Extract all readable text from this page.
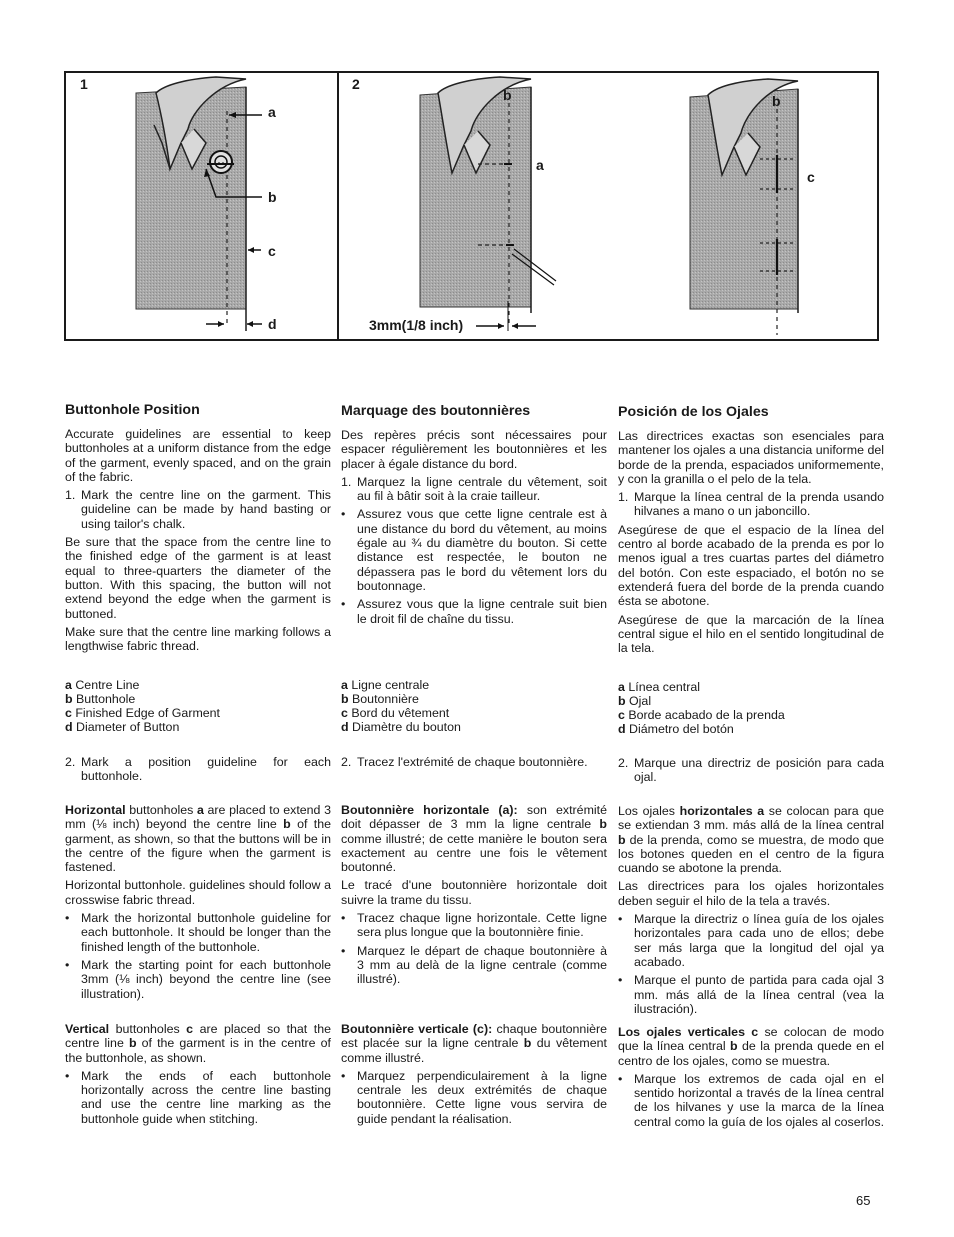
1	2
a
b
c
d
b
a
3mm(1/8 inch)
b
c
Buttonhole Position

Accurate guidelines are essential to keep buttonholes at a uniform distance from the edge of the garment, evenly spaced, and on the grain of the fabric.

1. Mark the centre line on the garment. This guideline can be made by hand basting or using tailor's chalk.

Be sure that the space from the centre line to the finished edge of the garment is at least equal to three-quarters the diameter of the button. With this spacing, the button will not extend beyond the edge when the garment is buttoned.

Make sure that the centre line marking follows a lengthwise fabric thread.

a Centre Line
b Buttonhole
c Finished Edge of Garment
d Diameter of Button
2. Mark a position guideline for each buttonhole.

Horizontal buttonholes a are placed to extend 3 mm (⅛ inch) beyond the centre line b of the garment, as shown, so that the buttons will be in the centre of the figure when the garment is fastened.

Horizontal buttonhole. guidelines should follow a crosswise fabric thread.

• Mark the horizontal buttonhole guideline for each buttonhole. It should be longer than the finished length of the buttonhole.
• Mark the starting point for each buttonhole 3mm (⅛ inch) beyond the centre line (see illustration).

Vertical buttonholes c are placed so that the centre line b of the garment is in the centre of the buttonhole, as shown.

• Mark the ends of each buttonhole horizontally across the centre line basting and use the centre line marking as the buttonhole guide when stitching.
Marquage des boutonnières

Des repères précis sont nécessaires pour espacer régulièrement les boutonnières et les placer à égale distance du bord.

1. Marquez la ligne centrale du vêtement, soit au fil à bâtir soit à la craie tailleur.
• Assurez vous que cette ligne centrale est à une distance du bord du vêtement, au moins égale au ¾ du diamètre du bouton. Si cette distance est respectée, le bouton ne dépassera pas le bord du vêtement lors du boutonnage.
• Assurez vous que la ligne centrale suit bien le droit fil de chaîne du tissu.
a Ligne centrale
b Boutonnière
c Bord du vêtement
d Diamètre du bouton
2. Tracez l'extrémité de chaque boutonnière.

Boutonnière horizontale (a): son extrémité doit dépasser de 3 mm la ligne centrale b comme illustré; de cette manière le bouton sera exactement au centre une fois le vêtement boutonné.

Le tracé d'une boutonnière horizontale doit suivre la trame du tissu.

• Tracez chaque ligne horizontale. Cette ligne sera plus longue que la boutonnière finie.
• Marquez le départ de chaque boutonnière à 3 mm au delà de la ligne centrale (comme illustré).

Boutonnière verticale (c): chaque boutonnière est placée sur la ligne centrale b du vêtement comme illustré.

• Marquez perpendiculairement à la ligne centrale les deux extrémités de chaque boutonnière. Cette ligne vous servira de guide pendant la réalisation.
Posición de los Ojales

Las directrices exactas son esenciales para mantener los ojales a una distancia uniforme del borde de la prenda, espaciados uniformemente, y con la granilla o el pelo de la tela.

1. Marque la línea central de la prenda usando hilvanes a mano o un jaboncillo.

Asegúrese de que el espacio de la línea del centro al borde acabado de la prenda es por lo menos igual a tres cuartas partes del diámetro del botón. Con este espaciado, el botón no se extenderá fuera del borde de la prenda cuando ésta se abotone.

Asegúrese de que la marcación de la línea central sigue el hilo en el sentido longitudinal de la tela.

a Línea central
b Ojal
c Borde acabado de la prenda
d Diámetro del botón
2. Marque una directriz de posición para cada ojal.

Los ojales horizontales a se colocan para que se extiendan 3 mm. más allá de la línea central b de la prenda, como se muestra, de modo que los botones queden en el centro de la figura cuando se abotone la prenda.

Las directrices para los ojales horizontales deben seguir el hilo de la tela a través.

• Marque la directriz o línea guía de los ojales horizontales para cada uno de ellos; debe ser más larga que la longitud del ojal ya acabado.
• Marque el punto de partida para cada ojal 3 mm. más allá de la línea central (vea la ilustración).

Los ojales verticales c se colocan de modo que la línea central b de la prenda quede en el centro de los ojales, como se muestra.

• Marque los extremos de cada ojal en el sentido horizontal a través de la línea central de los hilvanes y use la marca de la línea central como la guía de los ojales al coserlos.
65
